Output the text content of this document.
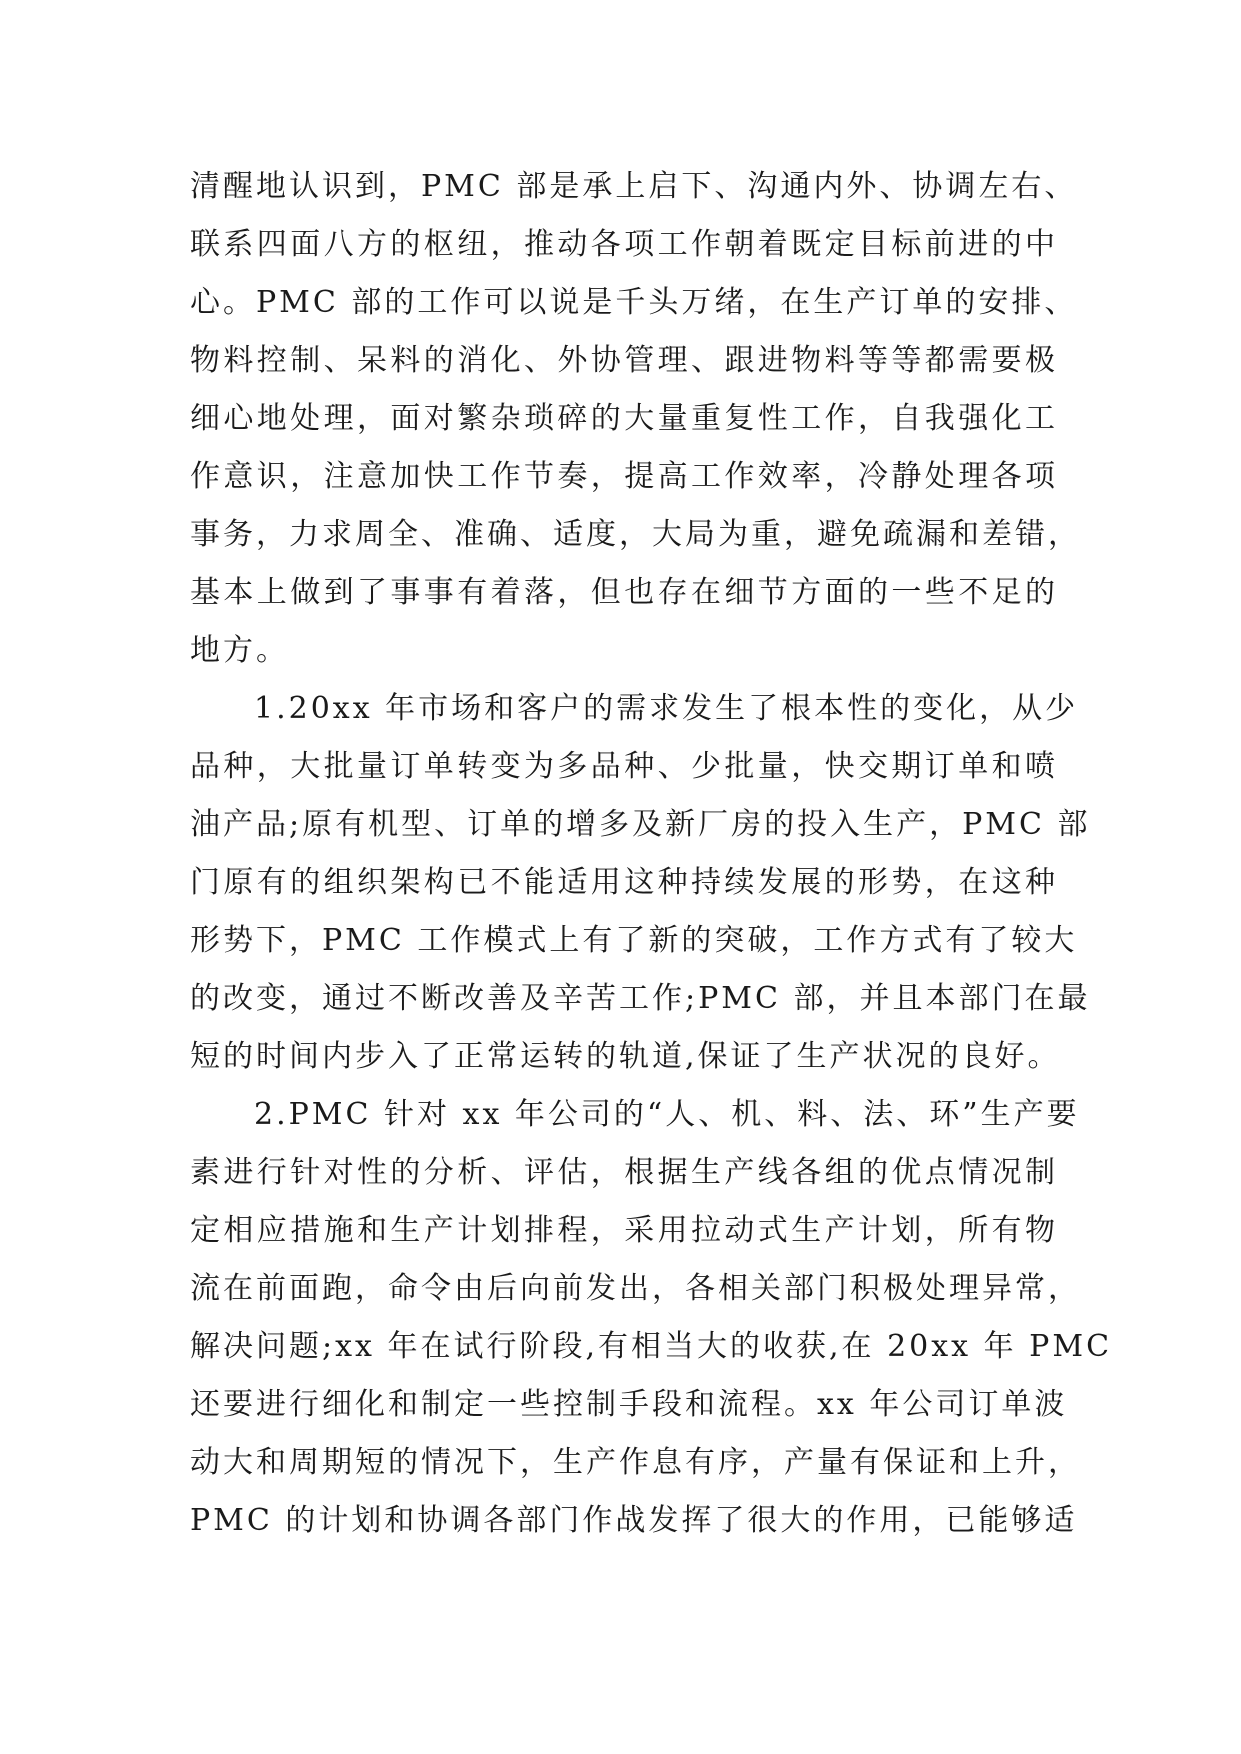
清醒地认识到，PMC 部是承上启下、沟通内外、协调左右、
联系四面八方的枢纽，推动各项工作朝着既定目标前进的中
心。PMC 部的工作可以说是千头万绪，在生产订单的安排、
物料控制、呆料的消化、外协管理、跟进物料等等都需要极
细心地处理，面对繁杂琐碎的大量重复性工作，自我强化工
作意识，注意加快工作节奏，提高工作效率，冷静处理各项
事务，力求周全、准确、适度，大局为重，避免疏漏和差错，
基本上做到了事事有着落，但也存在细节方面的一些不足的
地方。
1.20xx 年市场和客户的需求发生了根本性的变化，从少
品种，大批量订单转变为多品种、少批量，快交期订单和喷
油产品;原有机型、订单的增多及新厂房的投入生产，PMC 部
门原有的组织架构已不能适用这种持续发展的形势，在这种
形势下，PMC 工作模式上有了新的突破，工作方式有了较大
的改变，通过不断改善及辛苦工作;PMC 部，并且本部门在最
短的时间内步入了正常运转的轨道,保证了生产状况的良好。
2.PMC 针对 xx 年公司的“人、机、料、法、环”生产要
素进行针对性的分析、评估，根据生产线各组的优点情况制
定相应措施和生产计划排程，采用拉动式生产计划，所有物
流在前面跑，命令由后向前发出，各相关部门积极处理异常，
解决问题;xx 年在试行阶段,有相当大的收获,在 20xx 年 PMC
还要进行细化和制定一些控制手段和流程。xx 年公司订单波
动大和周期短的情况下，生产作息有序，产量有保证和上升，
PMC 的计划和协调各部门作战发挥了很大的作用，已能够适
